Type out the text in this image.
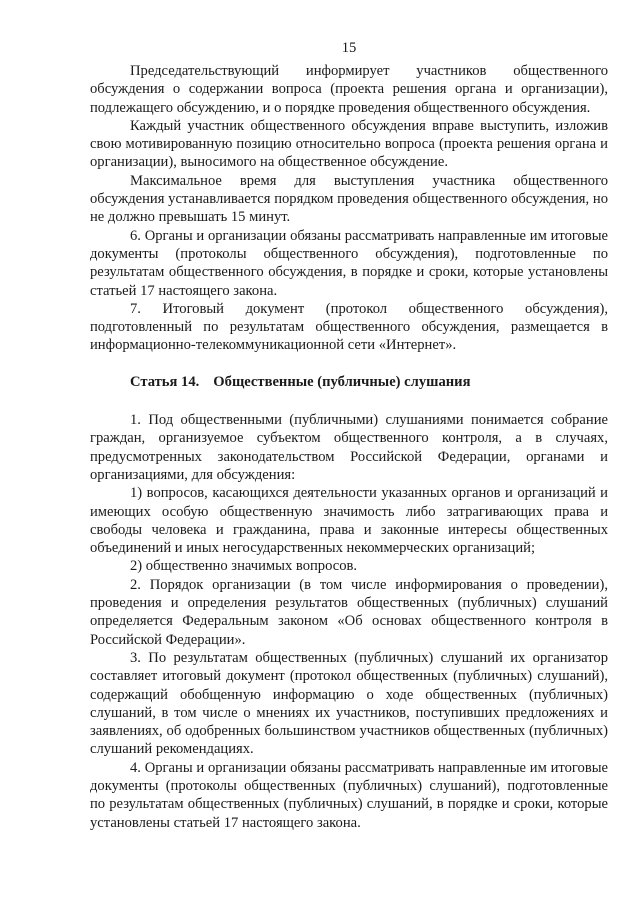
15

Председательствующий информирует участников общественного обсуждения о содержании вопроса (проекта решения органа и организации), подлежащего обсуждению, и о порядке проведения общественного обсуждения.

Каждый участник общественного обсуждения вправе выступить, изложив свою мотивированную позицию относительно вопроса (проекта решения органа и организации), выносимого на общественное обсуждение.

Максимальное время для выступления участника общественного обсуждения устанавливается порядком проведения общественного обсуждения, но не должно превышать 15 минут.

6. Органы и организации обязаны рассматривать направленные им итоговые документы (протоколы общественного обсуждения), подготовленные по результатам общественного обсуждения, в порядке и сроки, которые установлены статьей 17 настоящего закона.

7. Итоговый документ (протокол общественного обсуждения), подготовленный по результатам общественного обсуждения, размещается в информационно-телекоммуникационной сети «Интернет».

Статья 14. Общественные (публичные) слушания

1. Под общественными (публичными) слушаниями понимается собрание граждан, организуемое субъектом общественного контроля, а в случаях, предусмотренных законодательством Российской Федерации, органами и организациями, для обсуждения:

1) вопросов, касающихся деятельности указанных органов и организаций и имеющих особую общественную значимость либо затрагивающих права и свободы человека и гражданина, права и законные интересы общественных объединений и иных негосударственных некоммерческих организаций;

2) общественно значимых вопросов.

2. Порядок организации (в том числе информирования о проведении), проведения и определения результатов общественных (публичных) слушаний определяется Федеральным законом «Об основах общественного контроля в Российской Федерации».

3. По результатам общественных (публичных) слушаний их организатор составляет итоговый документ (протокол общественных (публичных) слушаний), содержащий обобщенную информацию о ходе общественных (публичных) слушаний, в том числе о мнениях их участников, поступивших предложениях и заявлениях, об одобренных большинством участников общественных (публичных) слушаний рекомендациях.

4. Органы и организации обязаны рассматривать направленные им итоговые документы (протоколы общественных (публичных) слушаний), подготовленные по результатам общественных (публичных) слушаний, в порядке и сроки, которые установлены статьей 17 настоящего закона.
